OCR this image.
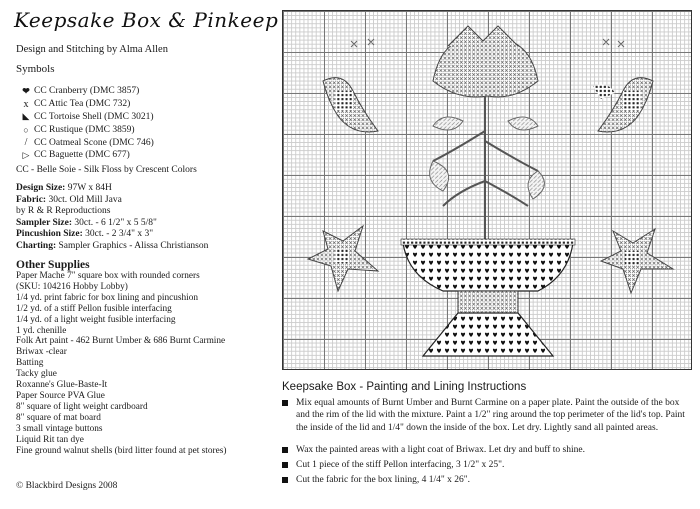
Keepsake Box & Pinkeep
Design and Stitching by Alma Allen
Symbols
❤ CC Cranberry (DMC 3857)
x CC Attic Tea (DMC 732)
◣ CC Tortoise Shell (DMC 3021)
○ CC Rustique (DMC 3859)
/ CC Oatmeal Scone (DMC 746)
▷ CC Baguette (DMC 677)
CC - Belle Soie - Silk Floss by Crescent Colors
Design Size: 97W x 84H
Fabric: 30ct. Old Mill Java
by R & R Reproductions
Sampler Size: 30ct. - 6 1/2" x 5 5/8"
Pincushion Size: 30ct. - 2 3/4" x 3"
Charting: Sampler Graphics - Alissa Christianson
Other Supplies
Paper Mache 7" square box with rounded corners
(SKU: 104216 Hobby Lobby)
1/4 yd. print fabric for box lining and pincushion
1/2 yd. of a stiff Pellon fusible interfacing
1/4 yd. of a light weight fusible interfacing
1 yd. chenille
Folk Art paint - 462 Burnt Umber & 686 Burnt Carmine
Briwax -clear
Batting
Tacky glue
Roxanne's Glue-Baste-It
Paper Source PVA Glue
8" square of light weight cardboard
8" square of mat board
3 small vintage buttons
Liquid Rit tan dye
Fine ground walnut shells (bird litter found at pet stores)
© Blackbird Designs 2008
Keepsake Box - Painting and Lining Instructions
Mix equal amounts of Burnt Umber and Burnt Carmine on a paper plate. Paint the outside of the box and the rim of the lid with the mixture. Paint a 1/2" ring around the top perimeter of the lid's top. Paint the inside of the lid and 1/4" down the inside of the box. Let dry. Lightly sand all painted areas.
Wax the painted areas with a light coat of Briwax. Let dry and buff to shine.
Cut 1 piece of the stiff Pellon interfacing, 3 1/2" x 25".
Cut the fabric for the box lining, 4 1/4" x 26".
